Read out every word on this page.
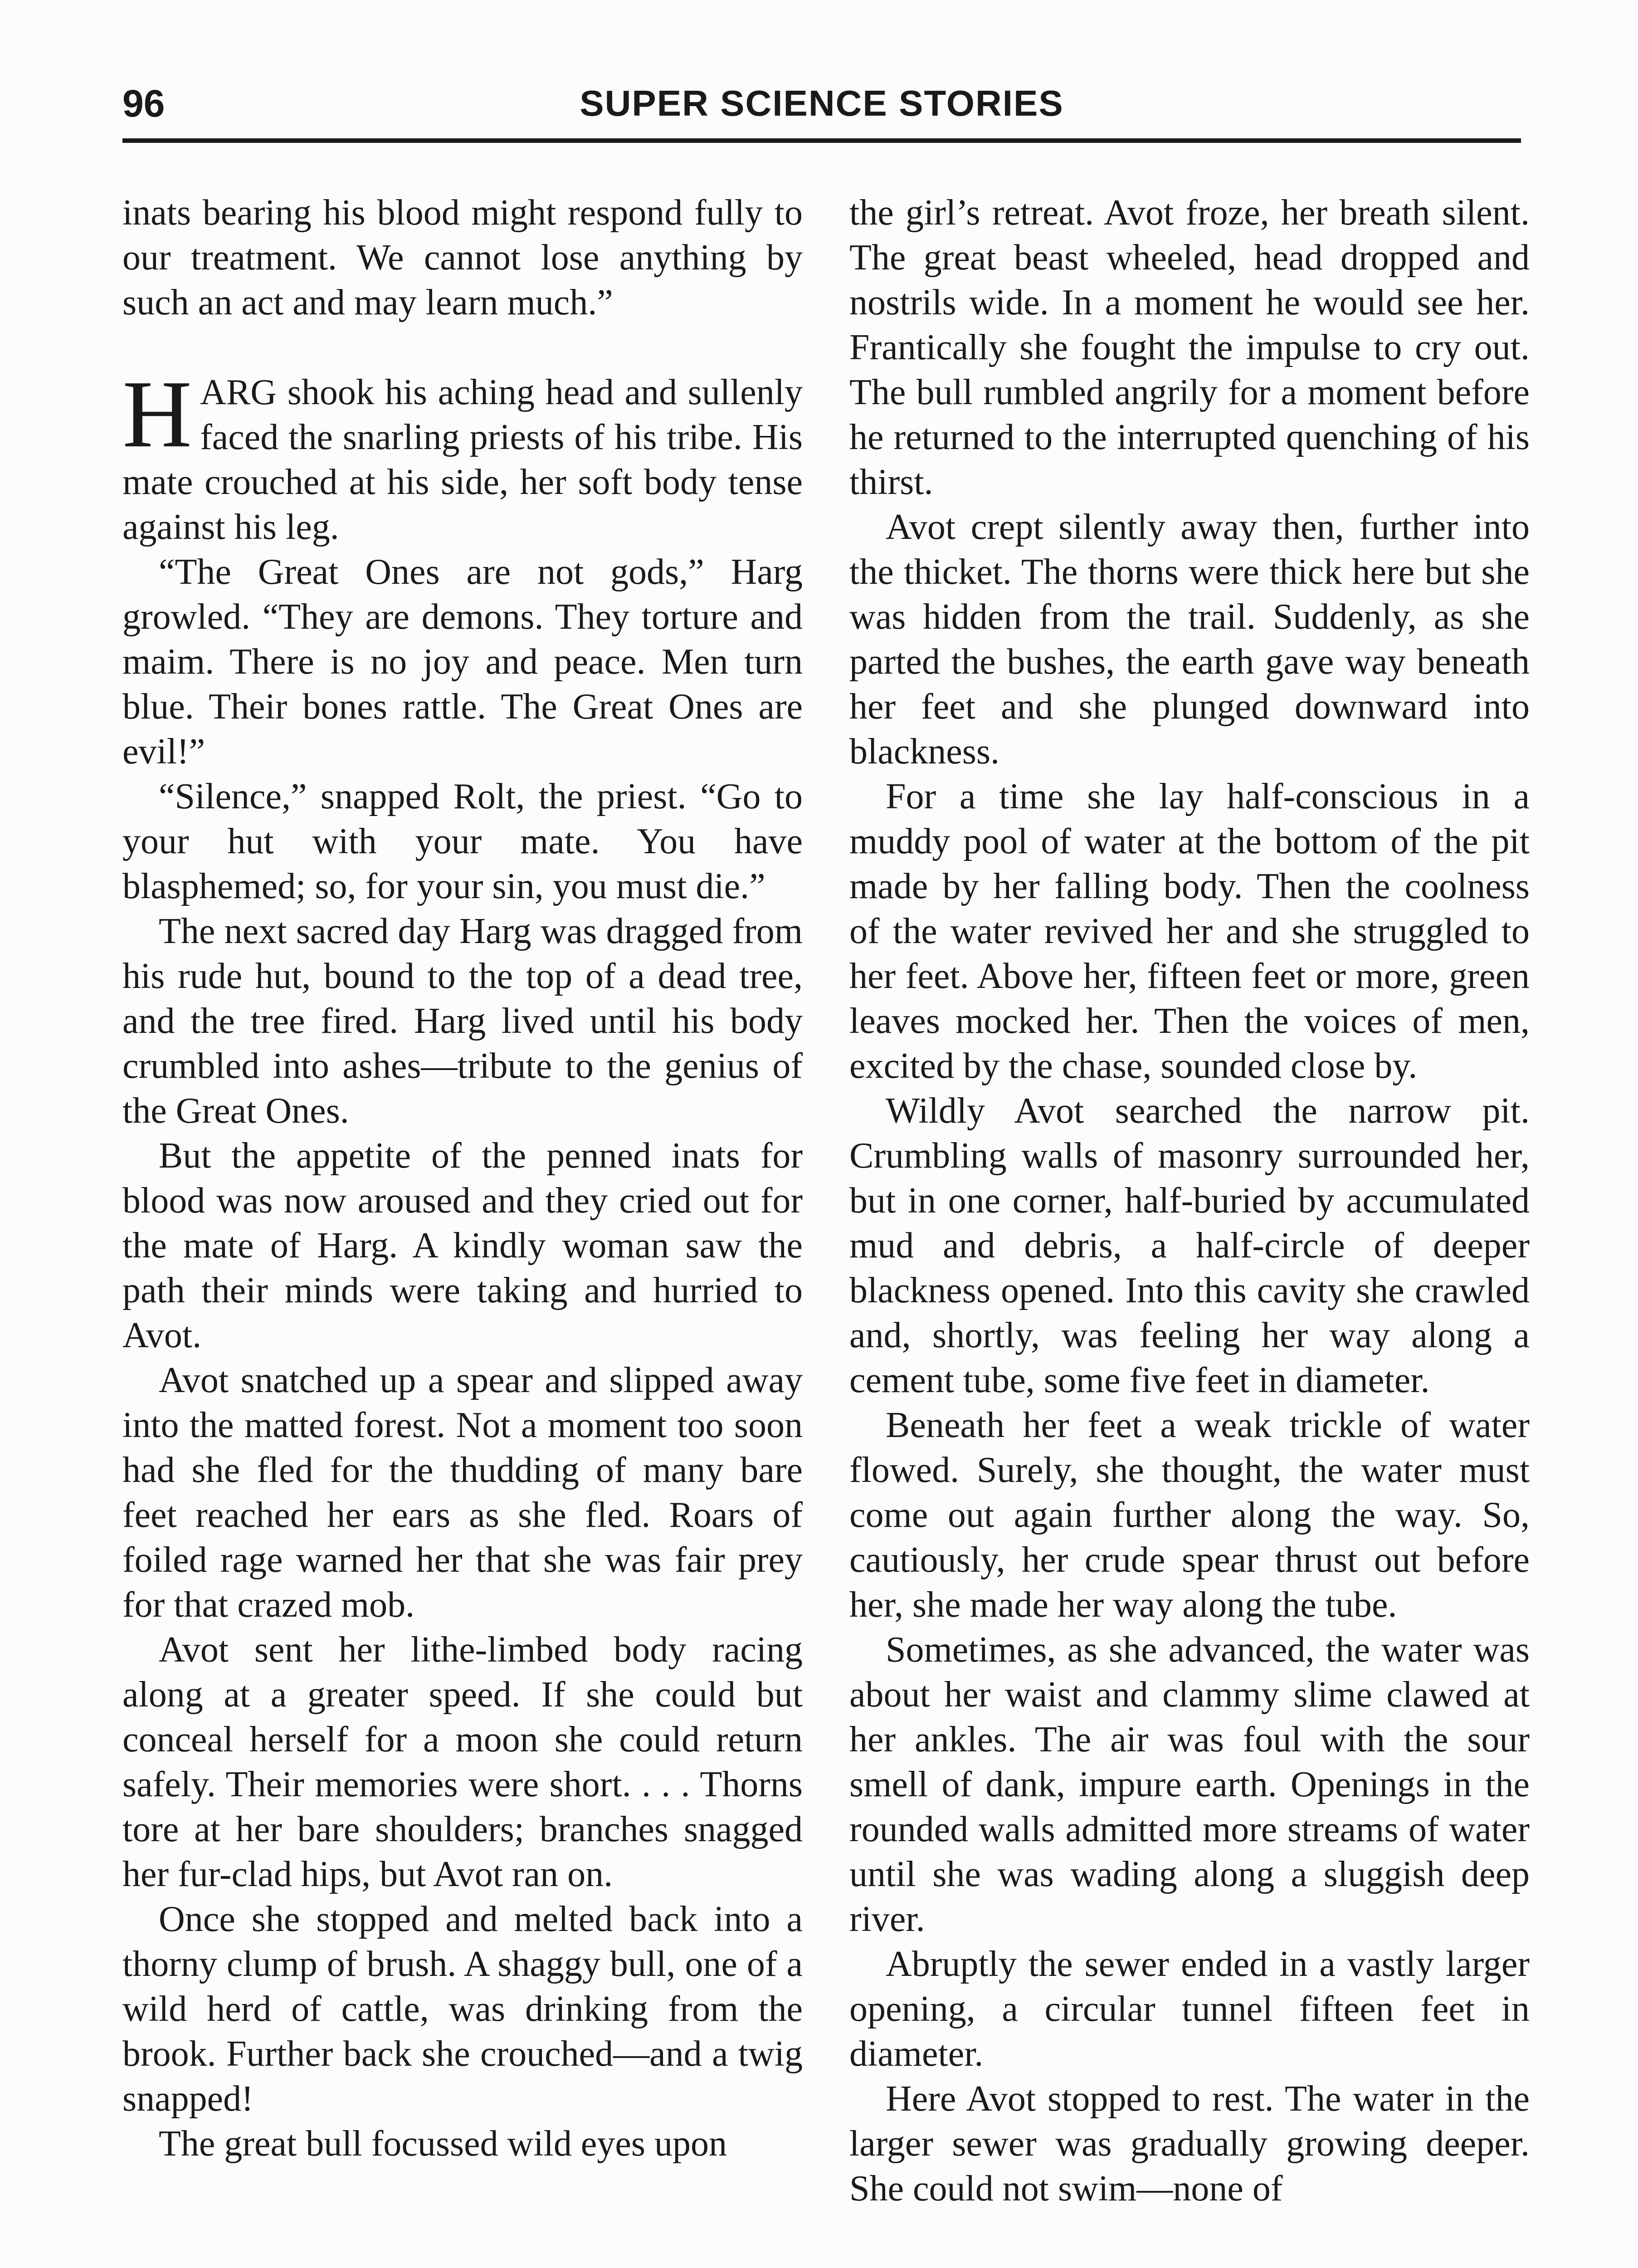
96	SUPER SCIENCE STORIES

inats bearing his blood might respond fully to our treatment. We cannot lose anything by such an act and may learn much.”

HARG shook his aching head and sullenly faced the snarling priests of his tribe. His mate crouched at his side, her soft body tense against his leg.

“The Great Ones are not gods,” Harg growled. “They are demons. They torture and maim. There is no joy and peace. Men turn blue. Their bones rattle. The Great Ones are evil!”

“Silence,” snapped Rolt, the priest. “Go to your hut with your mate. You have blasphemed; so, for your sin, you must die.”

The next sacred day Harg was dragged from his rude hut, bound to the top of a dead tree, and the tree fired. Harg lived until his body crumbled into ashes—tribute to the genius of the Great Ones.

But the appetite of the penned inats for blood was now aroused and they cried out for the mate of Harg. A kindly woman saw the path their minds were taking and hurried to Avot.

Avot snatched up a spear and slipped away into the matted forest. Not a moment too soon had she fled for the thudding of many bare feet reached her ears as she fled. Roars of foiled rage warned her that she was fair prey for that crazed mob.

Avot sent her lithe-limbed body racing along at a greater speed. If she could but conceal herself for a moon she could return safely. Their memories were short. . . . Thorns tore at her bare shoulders; branches snagged her fur-clad hips, but Avot ran on.

Once she stopped and melted back into a thorny clump of brush. A shaggy bull, one of a wild herd of cattle, was drinking from the brook. Further back she crouched—and a twig snapped!

The great bull focussed wild eyes upon

the girl’s retreat. Avot froze, her breath silent. The great beast wheeled, head dropped and nostrils wide. In a moment he would see her. Frantically she fought the impulse to cry out. The bull rumbled angrily for a moment before he returned to the interrupted quenching of his thirst.

Avot crept silently away then, further into the thicket. The thorns were thick here but she was hidden from the trail. Suddenly, as she parted the bushes, the earth gave way beneath her feet and she plunged downward into blackness.

For a time she lay half-conscious in a muddy pool of water at the bottom of the pit made by her falling body. Then the coolness of the water revived her and she struggled to her feet. Above her, fifteen feet or more, green leaves mocked her. Then the voices of men, excited by the chase, sounded close by.

Wildly Avot searched the narrow pit. Crumbling walls of masonry surrounded her, but in one corner, half-buried by accumulated mud and debris, a half-circle of deeper blackness opened. Into this cavity she crawled and, shortly, was feeling her way along a cement tube, some five feet in diameter.

Beneath her feet a weak trickle of water flowed. Surely, she thought, the water must come out again further along the way. So, cautiously, her crude spear thrust out before her, she made her way along the tube.

Sometimes, as she advanced, the water was about her waist and clammy slime clawed at her ankles. The air was foul with the sour smell of dank, impure earth. Openings in the rounded walls admitted more streams of water until she was wading along a sluggish deep river.

Abruptly the sewer ended in a vastly larger opening, a circular tunnel fifteen feet in diameter.

Here Avot stopped to rest. The water in the larger sewer was gradually growing deeper. She could not swim—none of
